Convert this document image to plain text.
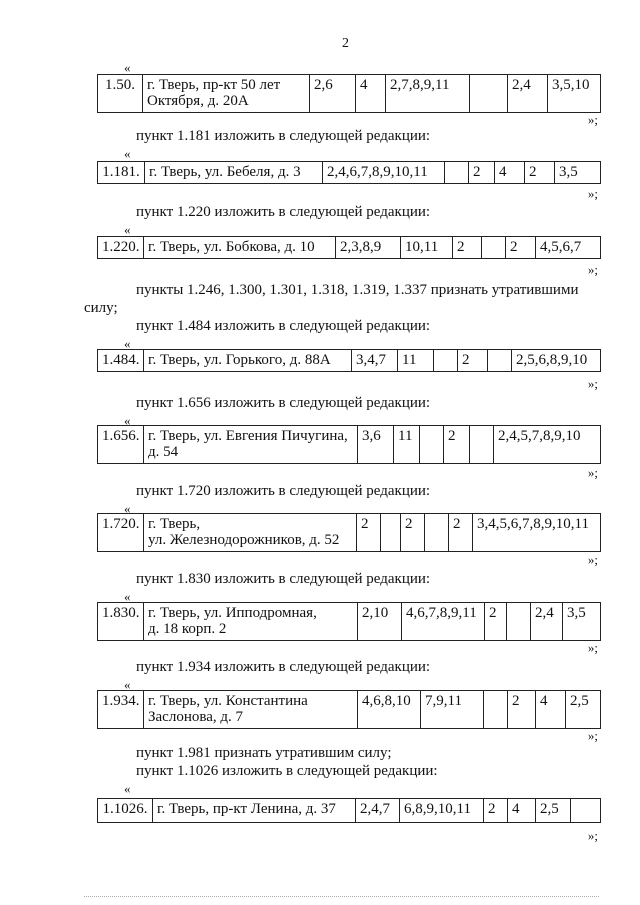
2
«
1.50.	г. Тверь, пр-кт 50 лет
Октября, д. 20А	2,6	4	2,7,8,9,11		2,4	3,5,10
»;
пункт 1.181 изложить в следующей редакции:
«
1.181.	г. Тверь, ул. Бебеля, д. 3	2,4,6,7,8,9,10,11		2	4	2	3,5
»;
пункт 1.220 изложить в следующей редакции:
«
1.220.	г. Тверь, ул. Бобкова, д. 10	2,3,8,9	10,11	2		2	4,5,6,7
»;
пункты 1.246, 1.300, 1.301, 1.318, 1.319, 1.337 признать утратившими
силу;
пункт 1.484 изложить в следующей редакции:
«
1.484.	г. Тверь, ул. Горького, д. 88А	3,4,7	11		2		2,5,6,8,9,10
»;
пункт 1.656 изложить в следующей редакции:
«
1.656.	г. Тверь, ул. Евгения Пичугина,
д. 54	3,6	11		2		2,4,5,7,8,9,10
»;
пункт 1.720 изложить в следующей редакции:
«
1.720.	г. Тверь,
ул. Железнодорожников, д. 52	2		2		2	3,4,5,6,7,8,9,10,11
»;
пункт 1.830 изложить в следующей редакции:
«
1.830.	г. Тверь, ул. Ипподромная,
д. 18 корп. 2	2,10	4,6,7,8,9,11	2		2,4	3,5
»;
пункт 1.934 изложить в следующей редакции:
«
1.934.	г. Тверь, ул. Константина
Заслонова, д. 7	4,6,8,10	7,9,11		2	4	2,5
»;
пункт 1.981 признать утратившим силу;
пункт 1.1026 изложить в следующей редакции:
«
1.1026.	г. Тверь, пр-кт Ленина, д. 37	2,4,7	6,8,9,10,11	2	4	2,5	
»;
